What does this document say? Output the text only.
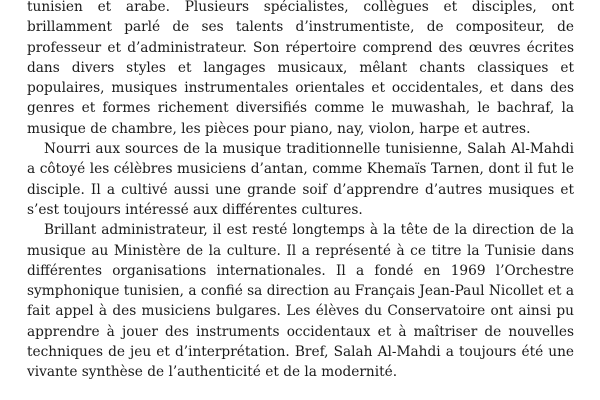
tunisien et arabe. Plusieurs spécialistes, collègues et disciples, ont brillamment parlé de ses talents d’instrumentiste, de compositeur, de professeur et d’administrateur. Son répertoire comprend des œuvres écrites dans divers styles et langages musicaux, mêlant chants classiques et populaires, musiques instrumentales orientales et occidentales, et dans des genres et formes richement diversifiés comme le muwashah, le bachraf, la musique de chambre, les pièces pour piano, nay, violon, harpe et autres.

Nourri aux sources de la musique traditionnelle tunisienne, Salah Al-Mahdi a côtoyé les célèbres musiciens d’antan, comme Khemaïs Tarnen, dont il fut le disciple. Il a cultivé aussi une grande soif d’apprendre d’autres musiques et s’est toujours intéressé aux différentes cultures.

Brillant administrateur, il est resté longtemps à la tête de la direction de la musique au Ministère de la culture. Il a représenté à ce titre la Tunisie dans différentes organisations internationales. Il a fondé en 1969 l’Orchestre symphonique tunisien, a confié sa direction au Français Jean-Paul Nicollet et a fait appel à des musiciens bulgares. Les élèves du Conservatoire ont ainsi pu apprendre à jouer des instruments occidentaux et à maîtriser de nouvelles techniques de jeu et d’interprétation. Bref, Salah Al-Mahdi a toujours été une vivante synthèse de l’authenticité et de la modernité.
